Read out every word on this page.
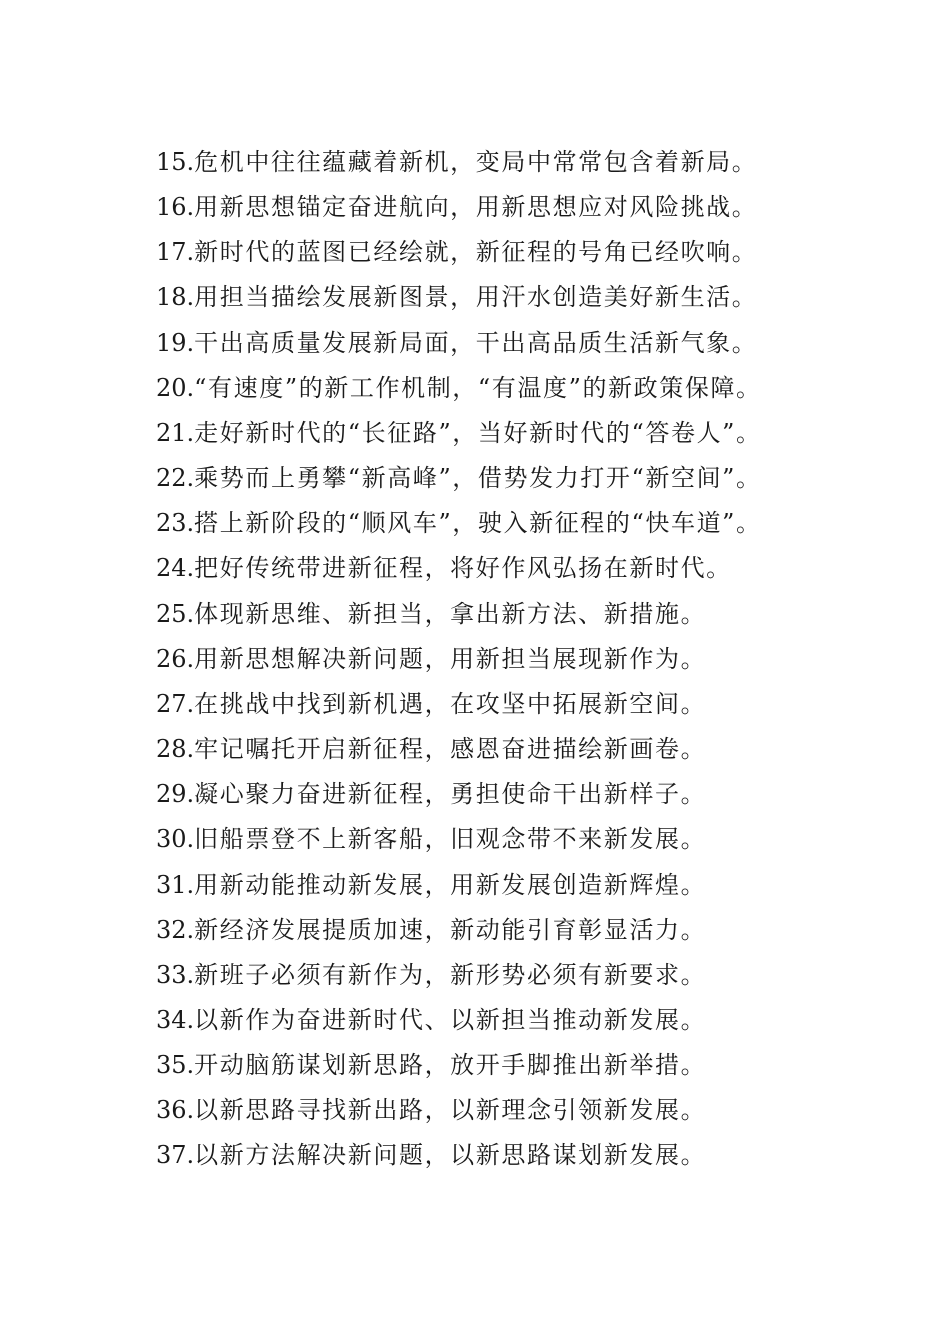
15. 危机中往往蕴藏着新机，变局中常常包含着新局。
16. 用新思想锚定奋进航向，用新思想应对风险挑战。
17. 新时代的蓝图已经绘就，新征程的号角已经吹响。
18. 用担当描绘发展新图景，用汗水创造美好新生活。
19. 干出高质量发展新局面，干出高品质生活新气象。
20. “有速度”的新工作机制，“有温度”的新政策保障。
21. 走好新时代的“长征路”，当好新时代的“答卷人”。
22. 乘势而上勇攀“新高峰”，借势发力打开“新空间”。
23. 搭上新阶段的“顺风车”，驶入新征程的“快车道”。
24. 把好传统带进新征程，将好作风弘扬在新时代。
25. 体现新思维、新担当，拿出新方法、新措施。
26. 用新思想解决新问题，用新担当展现新作为。
27. 在挑战中找到新机遇，在攻坚中拓展新空间。
28. 牢记嘱托开启新征程，感恩奋进描绘新画卷。
29. 凝心聚力奋进新征程，勇担使命干出新样子。
30. 旧船票登不上新客船，旧观念带不来新发展。
31. 用新动能推动新发展，用新发展创造新辉煌。
32. 新经济发展提质加速，新动能引育彰显活力。
33. 新班子必须有新作为，新形势必须有新要求。
34. 以新作为奋进新时代、以新担当推动新发展。
35. 开动脑筋谋划新思路，放开手脚推出新举措。
36. 以新思路寻找新出路，以新理念引领新发展。
37. 以新方法解决新问题，以新思路谋划新发展。
